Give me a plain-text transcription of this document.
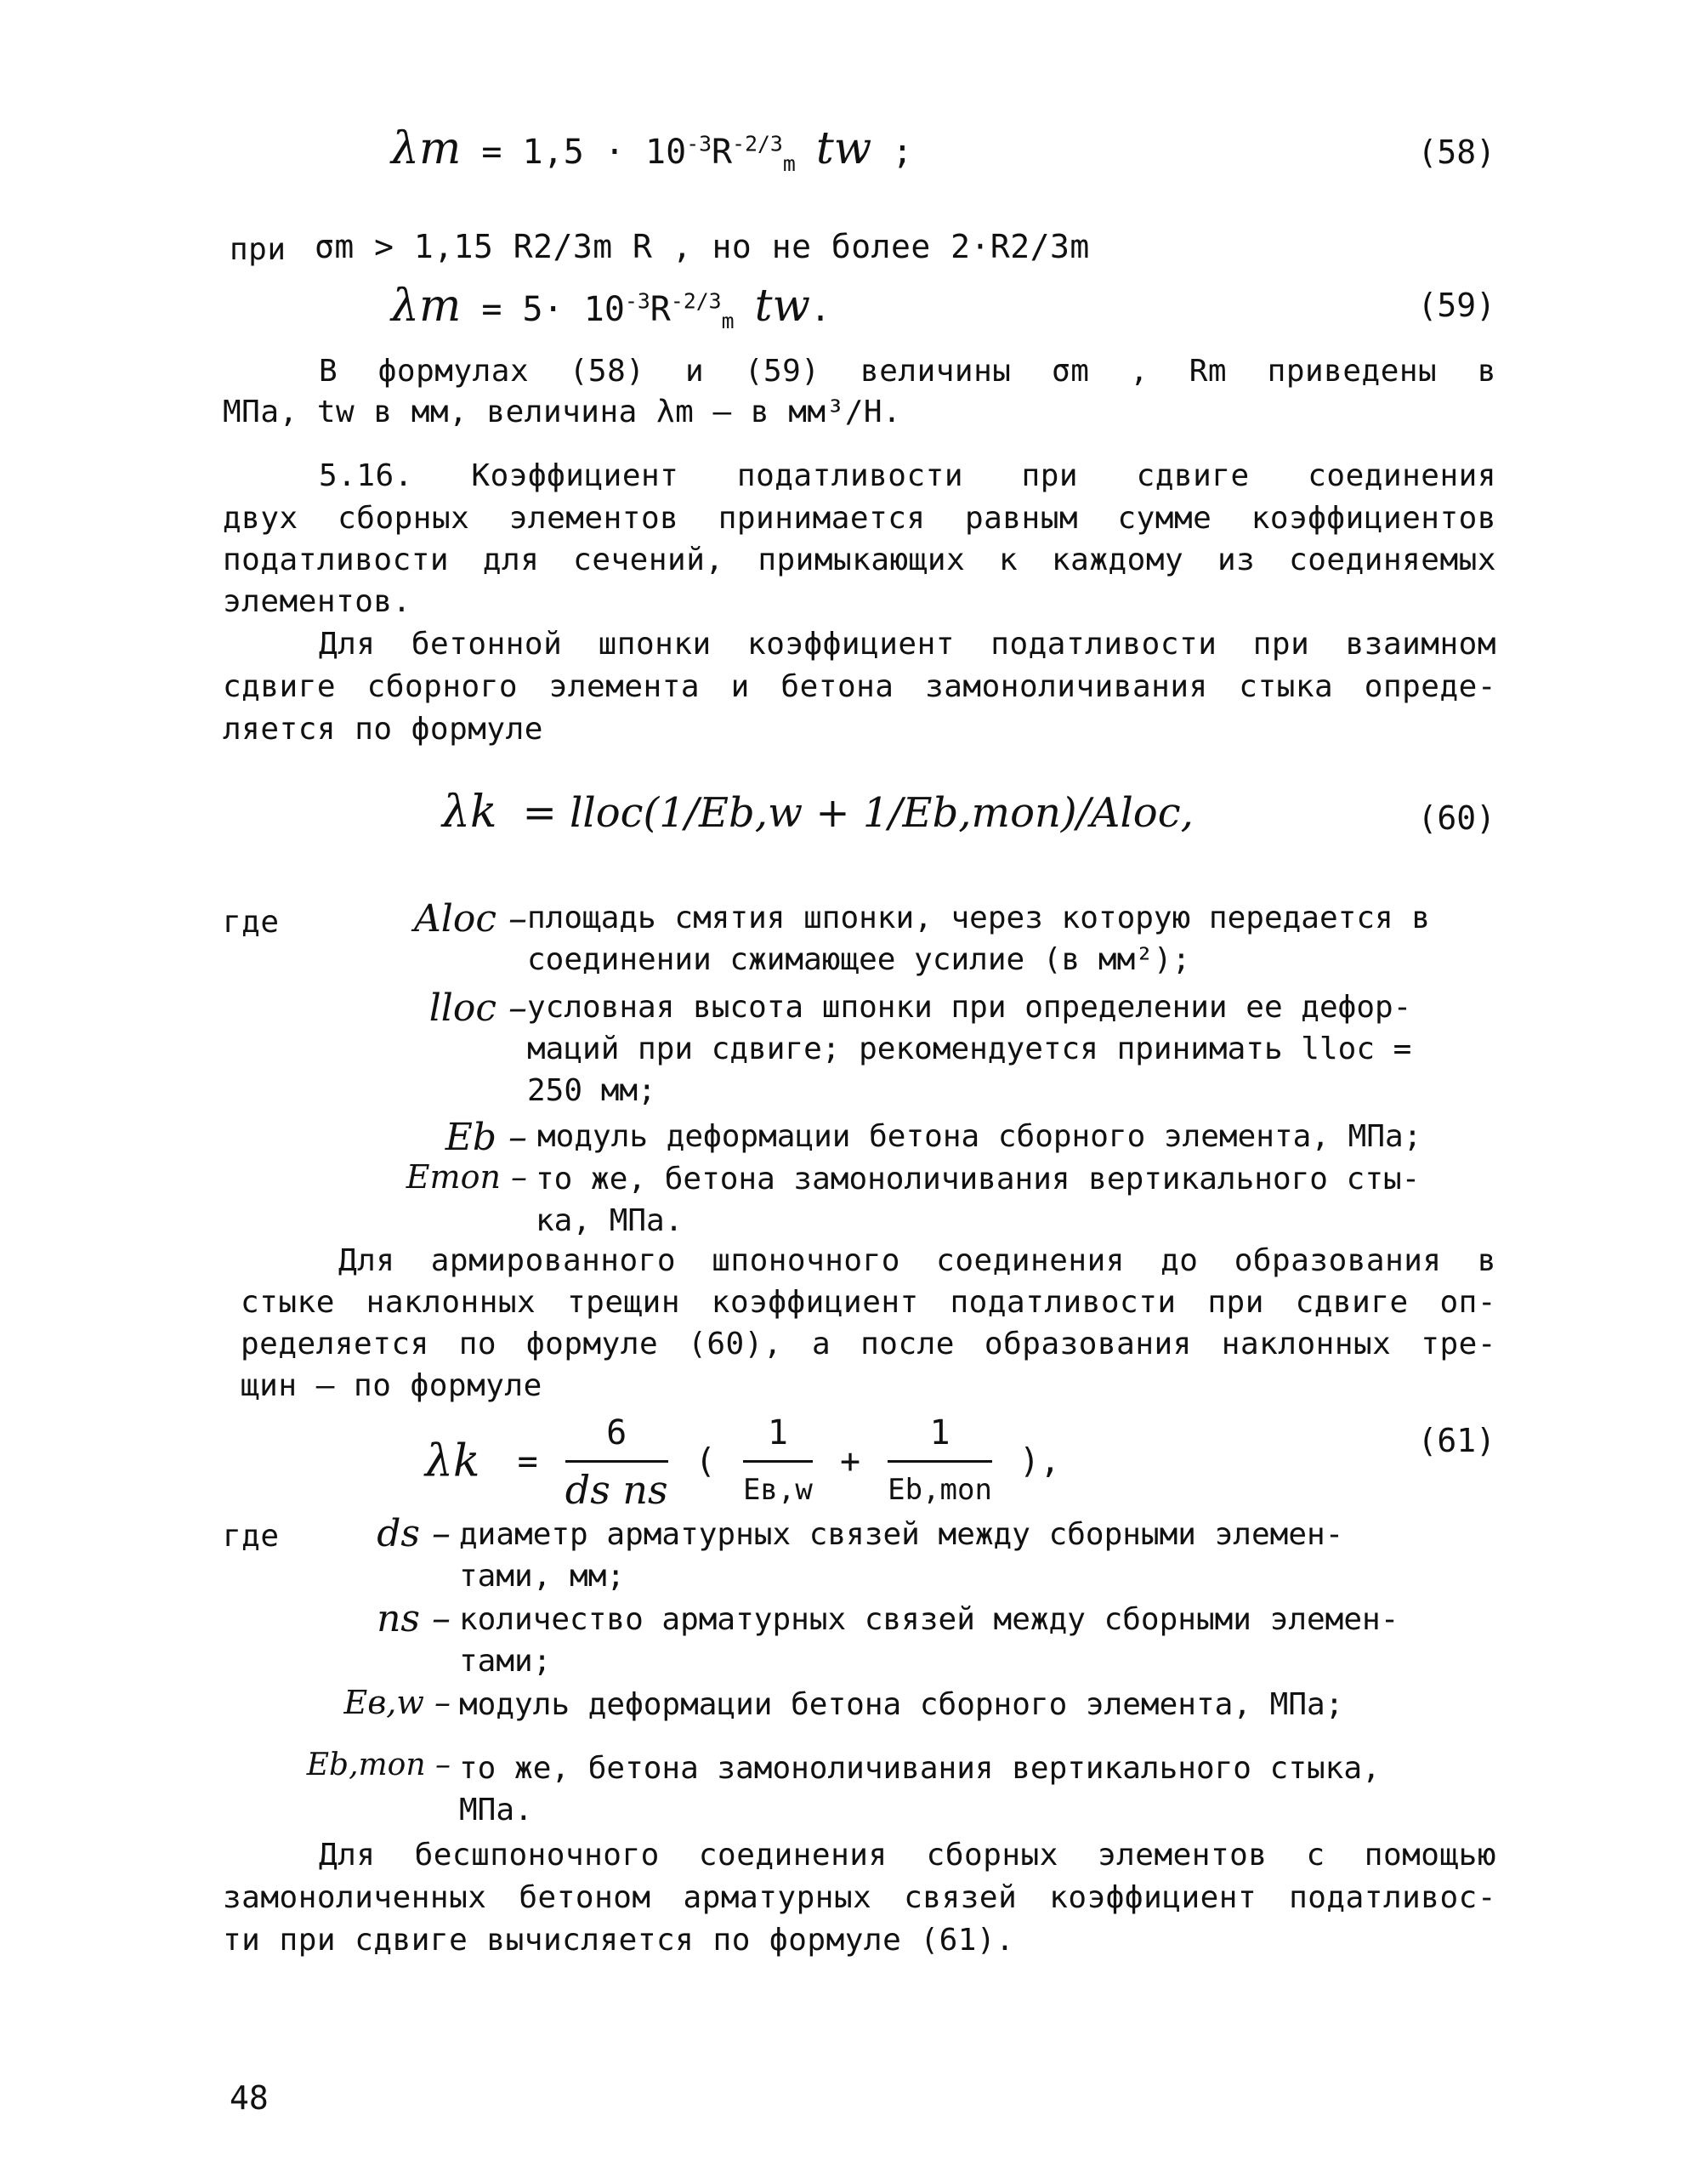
$\lambda m = 1,5 \cdot 10^{-3}R^{-2/3}_m$ tw ;	(58)
при σm > 1,15 R2/3m R , но не более 2·R2/3m
$\lambda m = 5\cdot 10^{-3}R^{-2/3}_m$ tw.	(59)
В формулах (58) и (59) величины σm , Rm приведены в
МПа, tw в мм, величина λm – в мм³/Н.
5.16. Коэффициент податливости при сдвиге соединения
двух сборных элементов принимается равным сумме коэффициентов
податливости для сечений, примыкающих к каждому из соединяемых
элементов.
Для бетонной шпонки коэффициент податливости при взаимном
сдвиге сборного элемента и бетона замоноличивания стыка опреде-
ляется по формуле
λk = lloc(1/Eb,w + 1/Eb,mon)/Aloc,	(60)
где	Aloc – площадь смятия шпонки, через которую передается в
соединении сжимающее усилие (в мм²);
lloc – условная высота шпонки при определении ее дефор-
маций при сдвиге; рекомендуется принимать lloc =
250 мм;
Eb – модуль деформации бетона сборного элемента, МПа;
Emon – то же, бетона замоноличивания вертикального сты-
ка, МПа.
Для армированного шпоночного соединения до образования в
стыке наклонных трещин коэффициент податливости при сдвиге оп-
ределяется по формуле (60), а после образования наклонных тре-
щин – по формуле
$\lambda k = \frac{6}{\text{ds ns}}$ ( $\frac{1}{Eв,w} + \frac{1}{\text{Eb,mon}}$ ),
(61)
где	ds – диаметр арматурных связей между сборными элемен-
тами, мм;
ns – количество арматурных связей между сборными элемен-
тами;
Eв,w – модуль деформации бетона сборного элемента, МПа;
Eb,mon – то же, бетона замоноличивания вертикального стыка,
МПа.
Для бесшпоночного соединения сборных элементов с помощью
замоноличенных бетоном арматурных связей коэффициент податливос-
ти при сдвиге вычисляется по формуле (61).
48
